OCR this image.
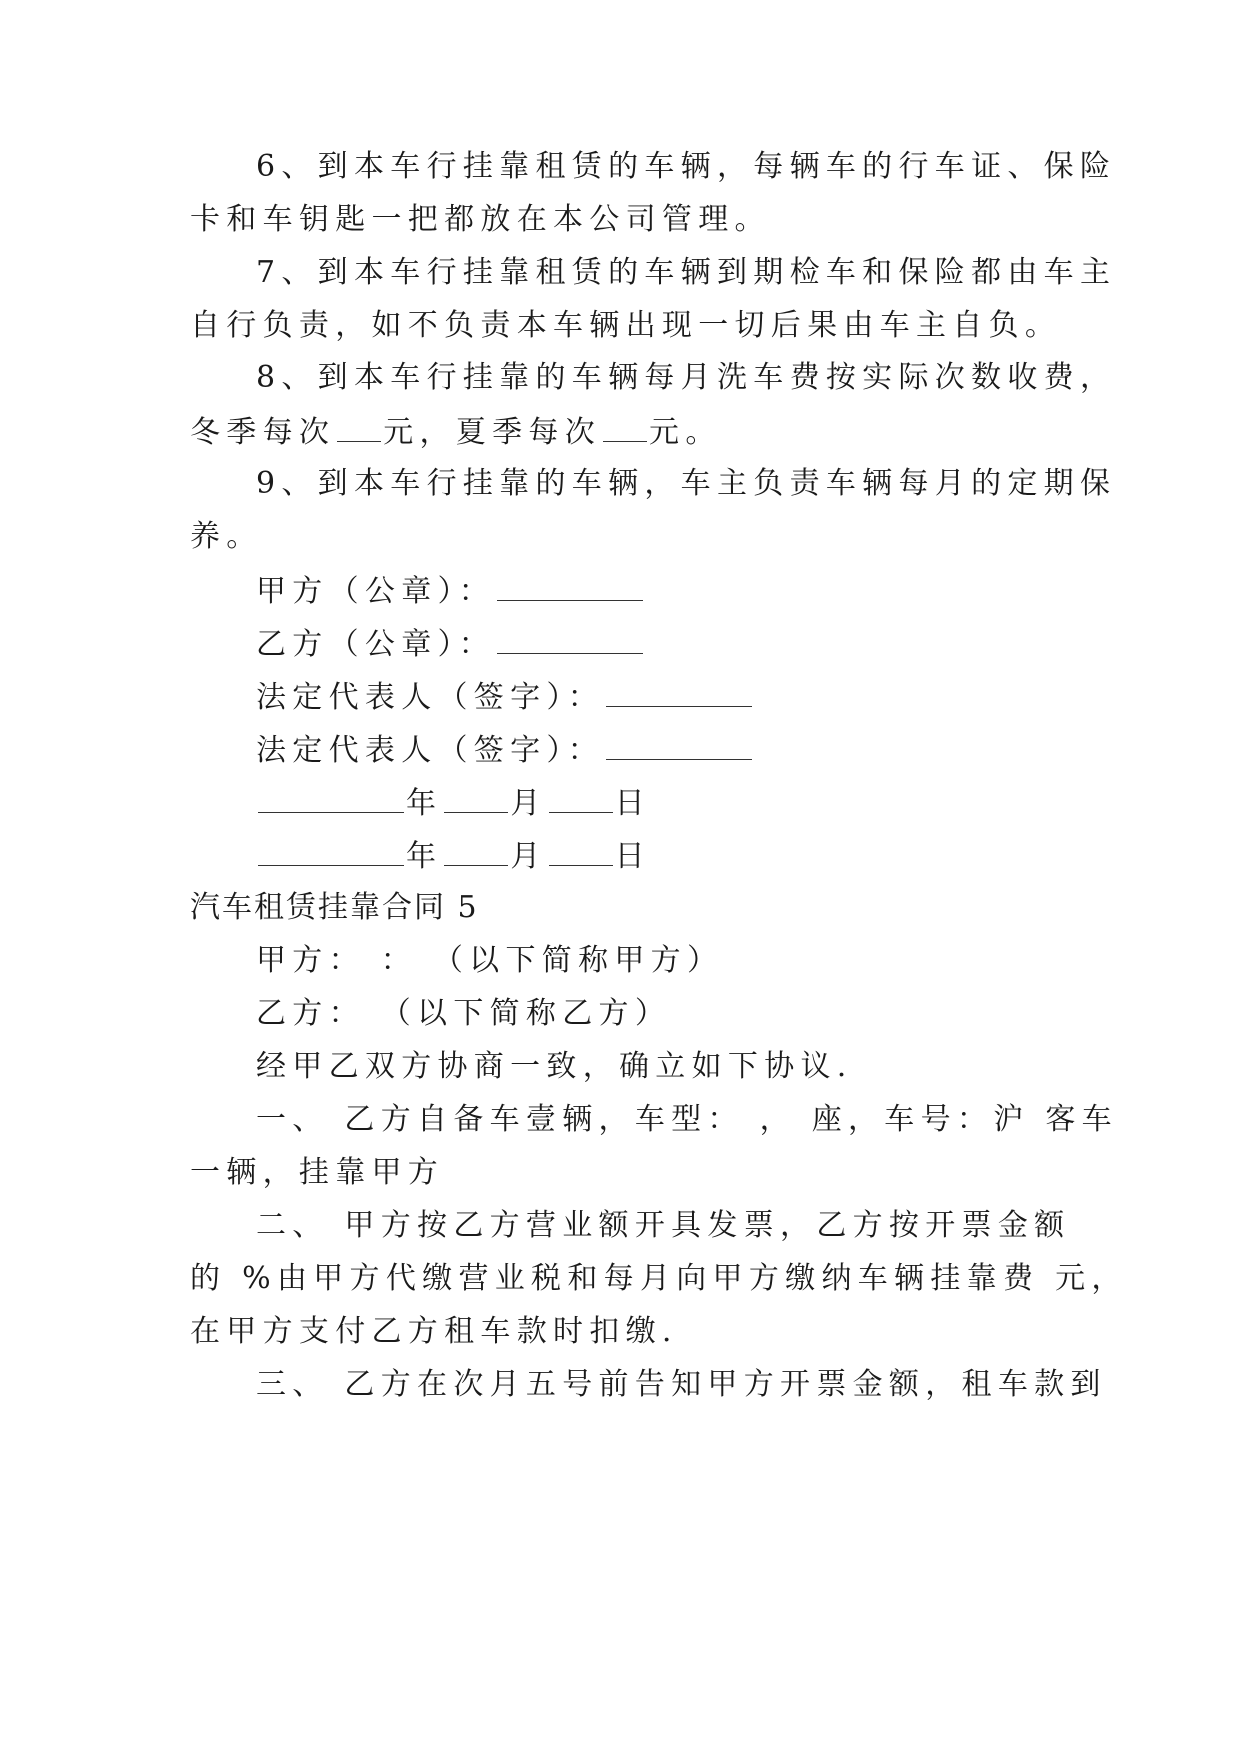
6、到本车行挂靠租赁的车辆，每辆车的行车证、保险

卡和车钥匙一把都放在本公司管理。

7、到本车行挂靠租赁的车辆到期检车和保险都由车主

自行负责，如不负责本车辆出现一切后果由车主自负。

8、到本车行挂靠的车辆每月洗车费按实际次数收费，

冬季每次 元，夏季每次 元。

9、到本车行挂靠的车辆，车主负责车辆每月的定期保

养。

甲方（公章）：

乙方（公章）：

法定代表人（签字）：

法定代表人（签字）：

年 月 日

年 月 日

汽车租赁挂靠合同 5

甲方： ： （以下简称甲方）

乙方： （以下简称乙方）

经甲乙双方协商一致，确立如下协议.

一、 乙方自备车壹辆，车型： ， 座，车号：沪 客车

一辆，挂靠甲方

二、 甲方按乙方营业额开具发票，乙方按开票金额

的 %由甲方代缴营业税和每月向甲方缴纳车辆挂靠费 元，

在甲方支付乙方租车款时扣缴.

三、 乙方在次月五号前告知甲方开票金额，租车款到
